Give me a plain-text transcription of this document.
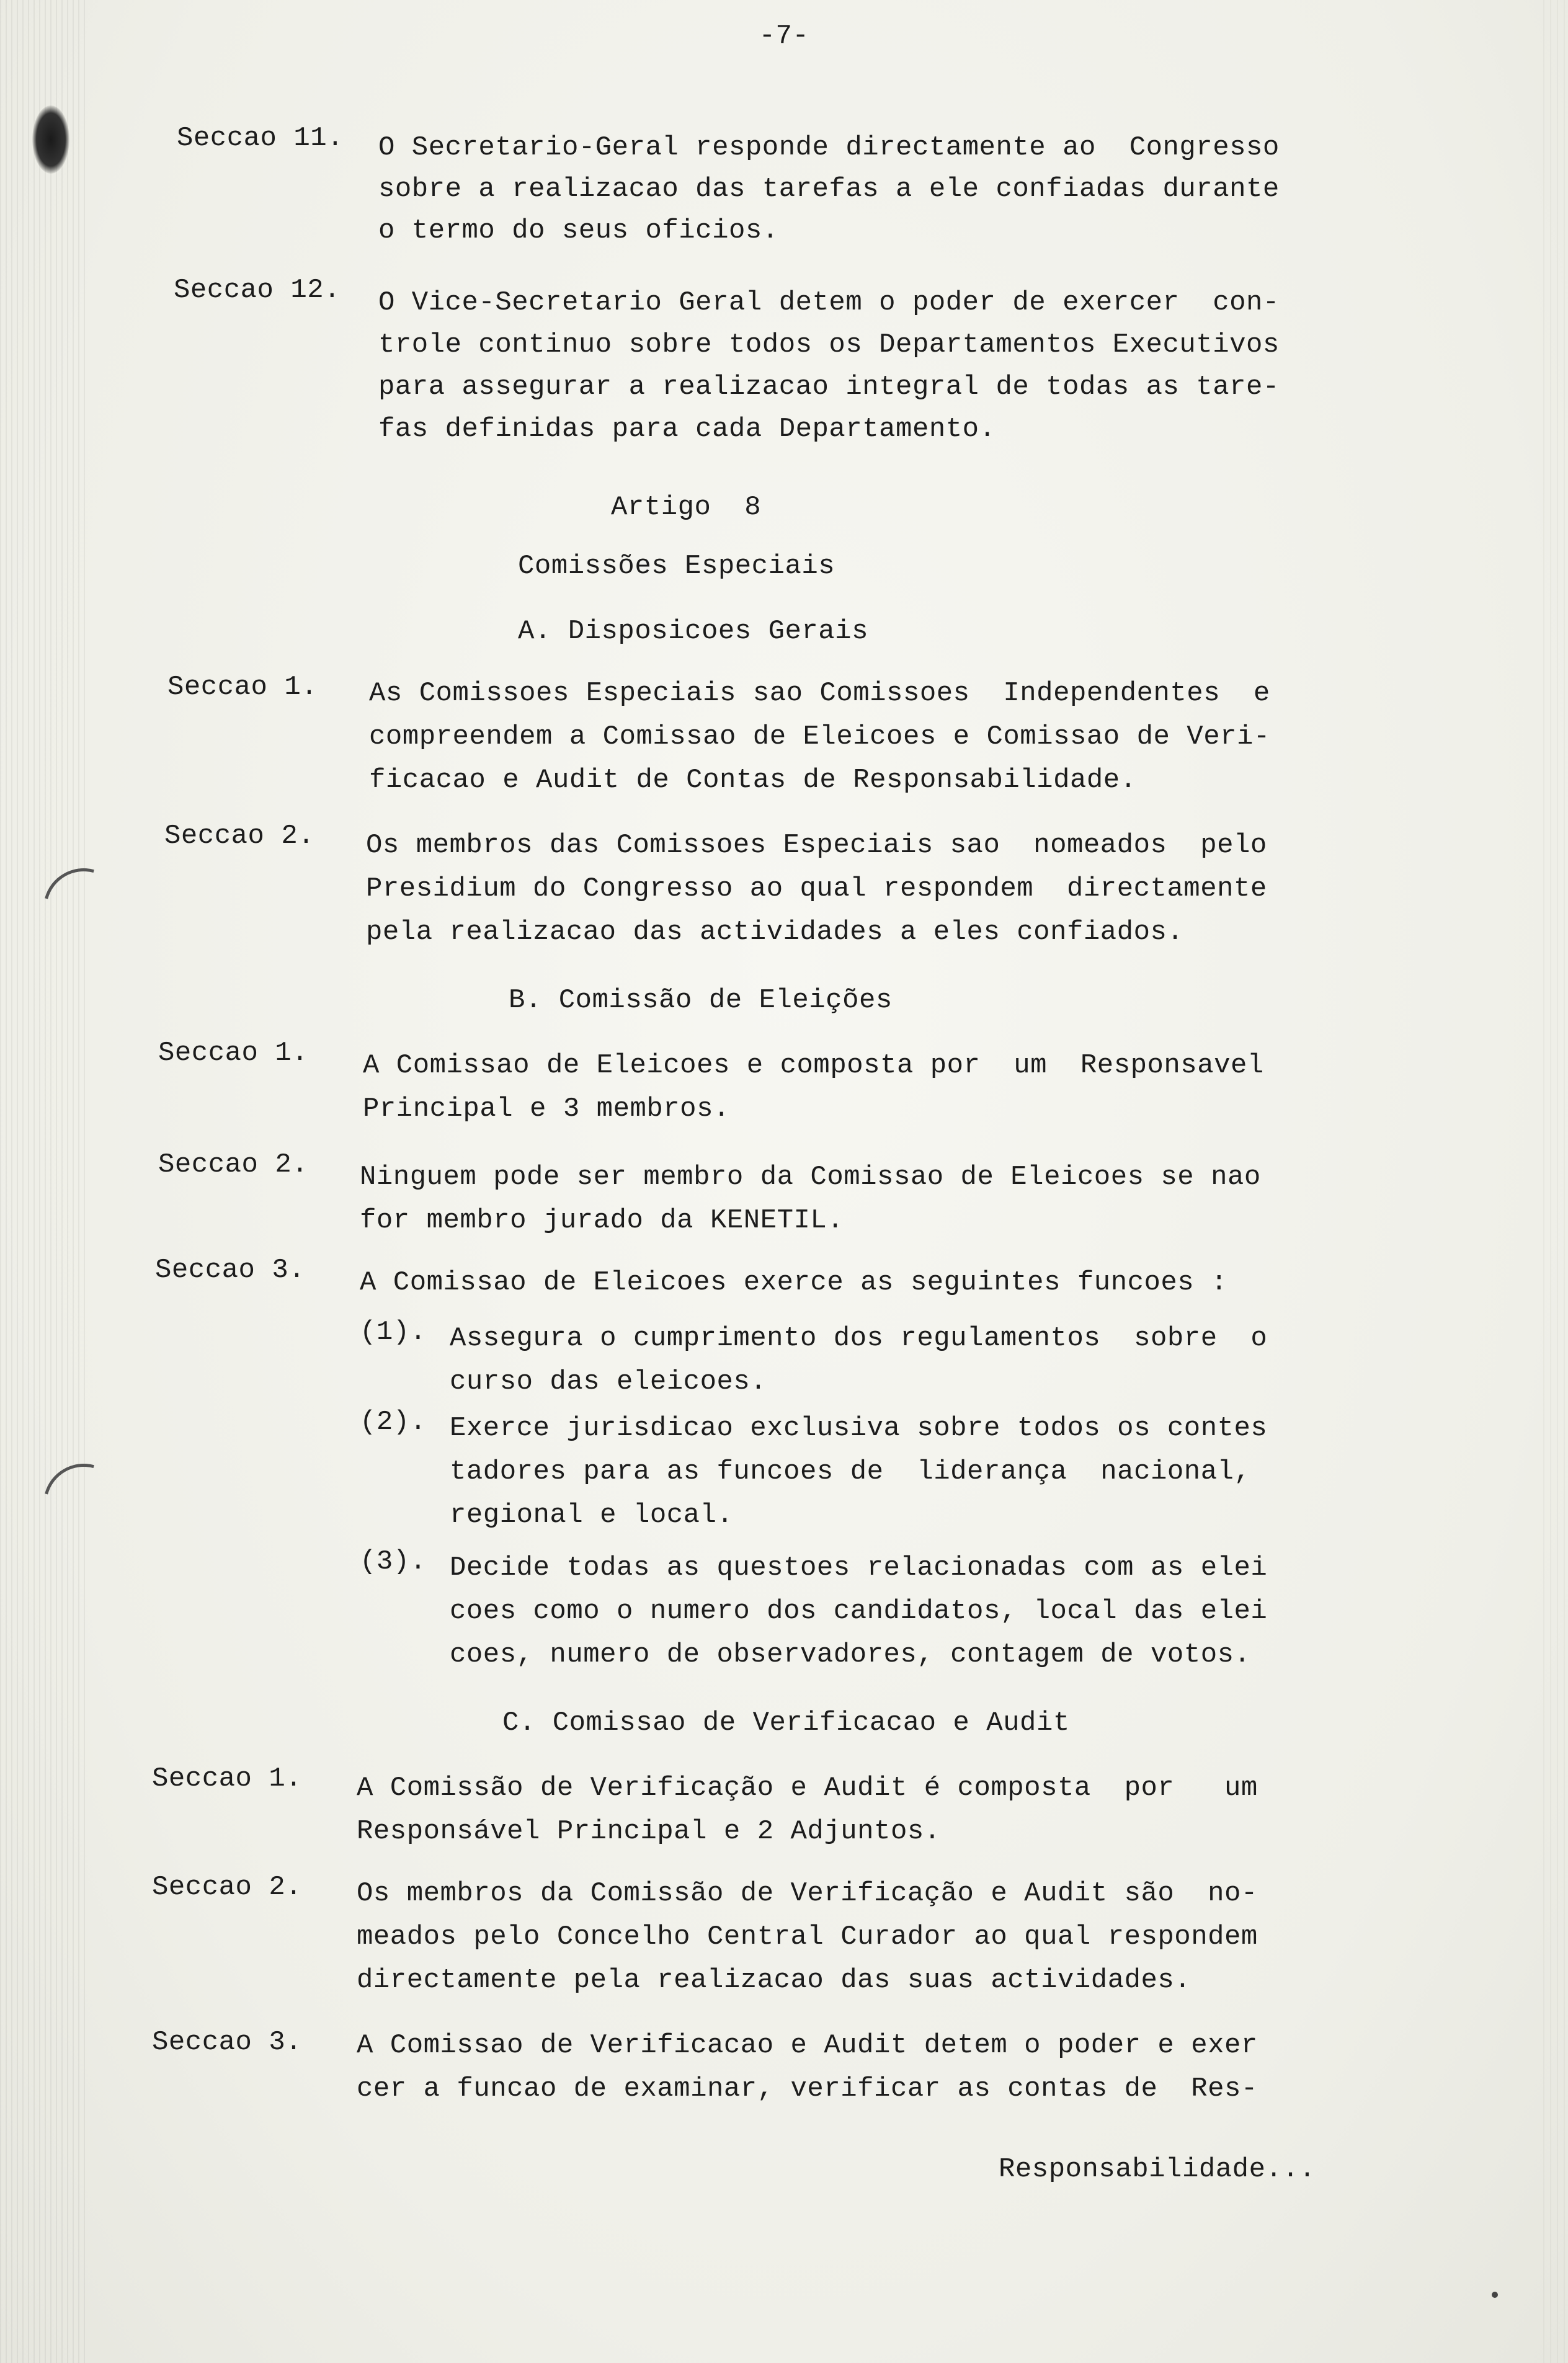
-7-
Seccao 11. O Secretario-Geral responde directamente ao  Congresso
sobre a realizacao das tarefas a ele confiadas durante
o termo do seus oficios.
Seccao 12. O Vice-Secretario Geral detem o poder de exercer  con-
trole continuo sobre todos os Departamentos Executivos
para assegurar a realizacao integral de todas as tare-
fas definidas para cada Departamento.
Artigo  8
Comissões Especiais
A. Disposicoes Gerais
Seccao 1. As Comissoes Especiais sao Comissoes  Independentes  e
compreendem a Comissao de Eleicoes e Comissao de Veri-
ficacao e Audit de Contas de Responsabilidade.
Seccao 2. Os membros das Comissoes Especiais sao  nomeados  pelo
Presidium do Congresso ao qual respondem  directamente
pela realizacao das actividades a eles confiados.
B. Comissão de Eleições
Seccao 1. A Comissao de Eleicoes e composta por  um  Responsavel
Principal e 3 membros.
Seccao 2. Ninguem pode ser membro da Comissao de Eleicoes se nao
for membro jurado da KENETIL.
Seccao 3. A Comissao de Eleicoes exerce as seguintes funcoes :
(1). Assegura o cumprimento dos regulamentos  sobre  o
curso das eleicoes.
(2). Exerce jurisdicao exclusiva sobre todos os contes
tadores para as funcoes de  liderança  nacional,
regional e local.
(3). Decide todas as questoes relacionadas com as elei
coes como o numero dos candidatos, local das elei
coes, numero de observadores, contagem de votos.
C. Comissao de Verificacao e Audit
Seccao 1. A Comissão de Verificação e Audit é composta  por   um
Responsável Principal e 2 Adjuntos.
Seccao 2. Os membros da Comissão de Verificação e Audit são  no-
meados pelo Concelho Central Curador ao qual respondem
directamente pela realizacao das suas actividades.
Seccao 3. A Comissao de Verificacao e Audit detem o poder e exer
cer a funcao de examinar, verificar as contas de  Res-
Responsabilidade...
